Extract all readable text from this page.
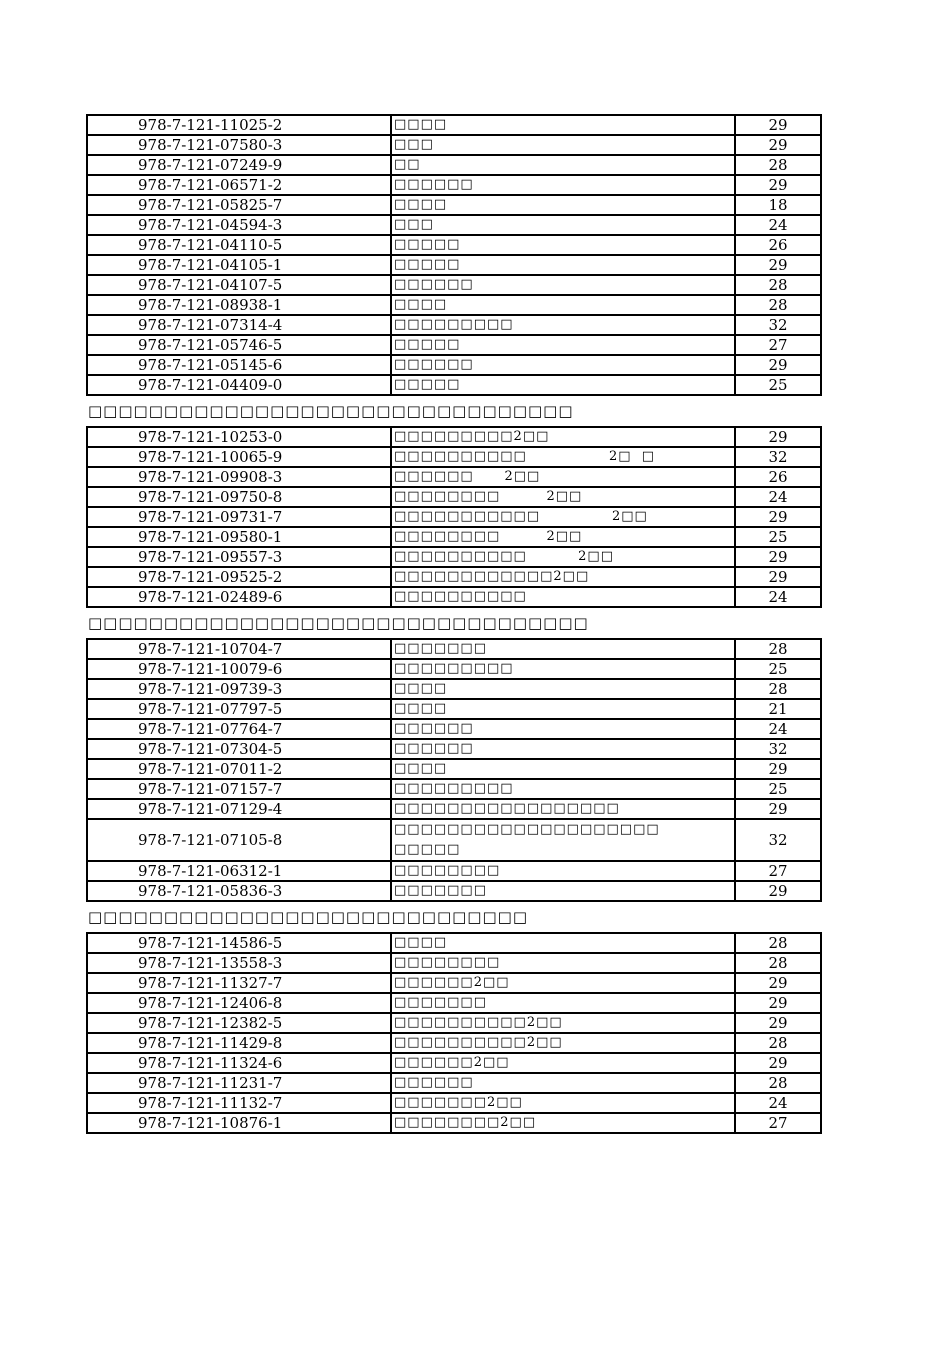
978-7-121-11025-2	□□□□	29
978-7-121-07580-3	□□□	29
978-7-121-07249-9	□□	28
978-7-121-06571-2	□□□□□□	29
978-7-121-05825-7	□□□□	18
978-7-121-04594-3	□□□	24
978-7-121-04110-5	□□□□□	26
978-7-121-04105-1	□□□□□	29
978-7-121-04107-5	□□□□□□	28
978-7-121-08938-1	□□□□	28
978-7-121-07314-4	□□□□□□□□□	32
978-7-121-05746-5	□□□□□	27
978-7-121-05145-6	□□□□□□	29
978-7-121-04409-0	□□□□□	25
□□□□□□□□□□□□□□□□□□□□□□□□□□□□□□□□
978-7-121-10253-0	□□□□□□□□□2□□	29
978-7-121-10065-9	□□□□□□□□□□                2□  □	32
978-7-121-09908-3	□□□□□□      2□□	26
978-7-121-09750-8	□□□□□□□□         2□□	24
978-7-121-09731-7	□□□□□□□□□□□              2□□	29
978-7-121-09580-1	□□□□□□□□         2□□	25
978-7-121-09557-3	□□□□□□□□□□          2□□	29
978-7-121-09525-2	□□□□□□□□□□□□2□□	29
978-7-121-02489-6	□□□□□□□□□□	24
□□□□□□□□□□□□□□□□□□□□□□□□□□□□□□□□□
978-7-121-10704-7	□□□□□□□	28
978-7-121-10079-6	□□□□□□□□□	25
978-7-121-09739-3	□□□□	28
978-7-121-07797-5	□□□□	21
978-7-121-07764-7	□□□□□□	24
978-7-121-07304-5	□□□□□□	32
978-7-121-07011-2	□□□□	29
978-7-121-07157-7	□□□□□□□□□	25
978-7-121-07129-4	□□□□□□□□□□□□□□□□□	29
978-7-121-07105-8	□□□□□□□□□□□□□□□□□□□□
□□□□□	32
978-7-121-06312-1	□□□□□□□□	27
978-7-121-05836-3	□□□□□□□	29
□□□□□□□□□□□□□□□□□□□□□□□□□□□□□
978-7-121-14586-5	□□□□	28
978-7-121-13558-3	□□□□□□□□	28
978-7-121-11327-7	□□□□□□2□□	29
978-7-121-12406-8	□□□□□□□	29
978-7-121-12382-5	□□□□□□□□□□2□□	29
978-7-121-11429-8	□□□□□□□□□□2□□	28
978-7-121-11324-6	□□□□□□2□□	29
978-7-121-11231-7	□□□□□□	28
978-7-121-11132-7	□□□□□□□2□□	24
978-7-121-10876-1	□□□□□□□□2□□	27
